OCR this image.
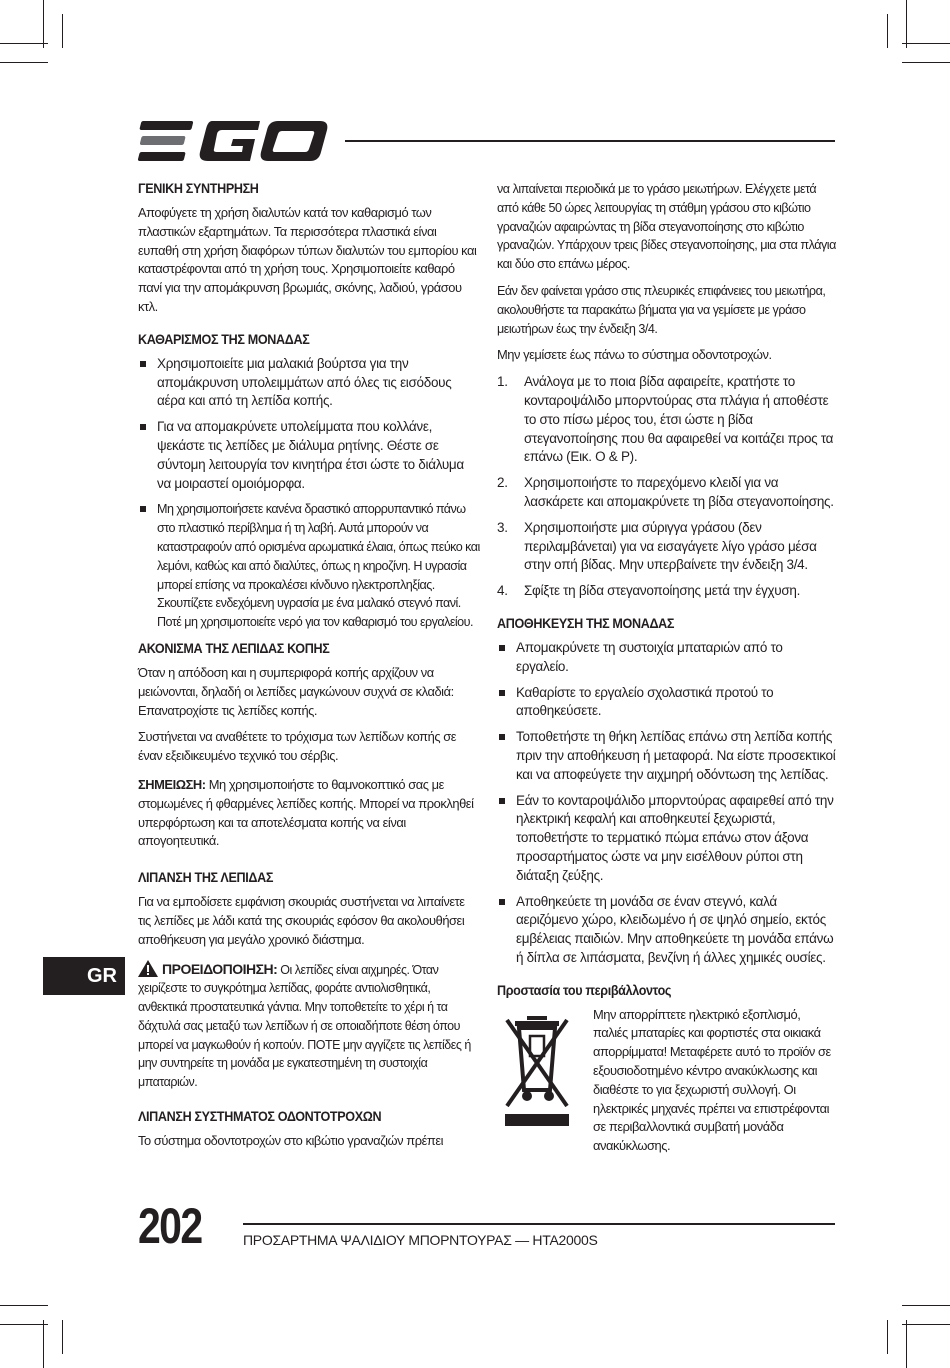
ΓΕΝΙΚΗ ΣΥΝΤΗΡΗΣΗ

Αποφύγετε τη χρήση διαλυτών κατά τον καθαρισμό των πλαστικών εξαρτημάτων. Τα περισσότερα πλαστικά είναι ευπαθή στη χρήση διαφόρων τύπων διαλυτών του εμπορίου και καταστρέφονται από τη χρήση τους. Χρησιμοποιείτε καθαρό πανί για την απομάκρυνση βρωμιάς, σκόνης, λαδιού, γράσου κτλ.

ΚΑΘΑΡΙΣΜΟΣ ΤΗΣ ΜΟΝΑΔΑΣ
Χρησιμοποιείτε μια μαλακιά βούρτσα για την απομάκρυνση υπολειμμάτων από όλες τις εισόδους αέρα και από τη λεπίδα κοπής.
Για να απομακρύνετε υπολείμματα που κολλάνε, ψεκάστε τις λεπίδες με διάλυμα ρητίνης. Θέστε σε σύντομη λειτουργία τον κινητήρα έτσι ώστε το διάλυμα να μοιραστεί ομοιόμορφα.
Μη χρησιμοποιήσετε κανένα δραστικό απορρυπαντικό πάνω στο πλαστικό περίβλημα ή τη λαβή. Αυτά μπορούν να καταστραφούν από ορισμένα αρωματικά έλαια, όπως πεύκο και λεμόνι, καθώς και από διαλύτες, όπως η κηροζίνη. Η υγρασία μπορεί επίσης να προκαλέσει κίνδυνο ηλεκτροπληξίας. Σκουπίζετε ενδεχόμενη υγρασία με ένα μαλακό στεγνό πανί. Ποτέ μη χρησιμοποιείτε νερό για τον καθαρισμό του εργαλείου.
ΑΚΟΝΙΣΜΑ ΤΗΣ ΛΕΠΙΔΑΣ ΚΟΠΗΣ

Όταν η απόδοση και η συμπεριφορά κοπής αρχίζουν να μειώνονται, δηλαδή οι λεπίδες μαγκώνουν συχνά σε κλαδιά: Επανατροχίστε τις λεπίδες κοπής.

Συστήνεται να αναθέτετε το τρόχισμα των λεπίδων κοπής σε έναν εξειδικευμένο τεχνικό του σέρβις.

ΣΗΜΕΙΩΣΗ: Μη χρησιμοποιήστε το θαμνοκοπτικό σας με στομωμένες ή φθαρμένες λεπίδες κοπής. Μπορεί να προκληθεί υπερφόρτωση και τα αποτελέσματα κοπής να είναι απογοητευτικά.

ΛΙΠΑΝΣΗ ΤΗΣ ΛΕΠΙΔΑΣ

Για να εμποδίσετε εμφάνιση σκουριάς συστήνεται να λιπαίνετε τις λεπίδες με λάδι κατά της σκουριάς εφόσον θα ακολουθήσει αποθήκευση για μεγάλο χρονικό διάστημα.

ΠΡΟΕΙΔΟΠΟΙΗΣΗ: Οι λεπίδες είναι αιχμηρές. Όταν χειρίζεστε το συγκρότημα λεπίδας, φοράτε αντιολισθητικά, ανθεκτικά προστατευτικά γάντια. Μην τοποθετείτε το χέρι ή τα δάχτυλά σας μεταξύ των λεπίδων ή σε οποιαδήποτε θέση όπου μπορεί να μαγκωθούν ή κοπούν. ΠΟΤΕ μην αγγίζετε τις λεπίδες ή μην συντηρείτε τη μονάδα με εγκατεστημένη τη συστοιχία μπαταριών.

ΛΙΠΑΝΣΗ ΣΥΣΤΗΜΑΤΟΣ ΟΔΟΝΤΟΤΡΟΧΩΝ

Το σύστημα οδοντοτροχών στο κιβώτιο γραναζιών πρέπει

να λιπαίνεται περιοδικά με το γράσο μειωτήρων. Ελέγχετε μετά από κάθε 50 ώρες λειτουργίας τη στάθμη γράσου στο κιβώτιο γραναζιών αφαιρώντας τη βίδα στεγανοποίησης στο κιβώτιο γραναζιών. Υπάρχουν τρεις βίδες στεγανοποίησης, μια στα πλάγια και δύο στο επάνω μέρος.

Εάν δεν φαίνεται γράσο στις πλευρικές επιφάνειες του μειωτήρα, ακολουθήστε τα παρακάτω βήματα για να γεμίσετε με γράσο μειωτήρων έως την ένδειξη 3/4.

Μην γεμίσετε έως πάνω το σύστημα οδοντοτροχών.

1. Ανάλογα με το ποια βίδα αφαιρείτε, κρατήστε το κονταροψάλιδο μπορντούρας στα πλάγια ή αποθέστε το στο πίσω μέρος του, έτσι ώστε η βίδα στεγανοποίησης που θα αφαιρεθεί να κοιτάζει προς τα επάνω (Εικ. O & P).
2. Χρησιμοποιήστε το παρεχόμενο κλειδί για να λασκάρετε και απομακρύνετε τη βίδα στεγανοποίησης.
3. Χρησιμοποιήστε μια σύριγγα γράσου (δεν περιλαμβάνεται) για να εισαγάγετε λίγο γράσο μέσα στην οπή βίδας. Μην υπερβαίνετε την ένδειξη 3/4.
4. Σφίξτε τη βίδα στεγανοποίησης μετά την έγχυση.
ΑΠΟΘΗΚΕΥΣΗ ΤΗΣ ΜΟΝΑΔΑΣ
Απομακρύνετε τη συστοιχία μπαταριών από το εργαλείο.
Καθαρίστε το εργαλείο σχολαστικά προτού το αποθηκεύσετε.
Τοποθετήστε τη θήκη λεπίδας επάνω στη λεπίδα κοπής πριν την αποθήκευση ή μεταφορά. Να είστε προσεκτικοί και να αποφεύγετε την αιχμηρή οδόντωση της λεπίδας.
Εάν το κονταροψάλιδο μπορντούρας αφαιρεθεί από την ηλεκτρική κεφαλή και αποθηκευτεί ξεχωριστά, τοποθετήστε το τερματικό πώμα επάνω στον άξονα προσαρτήματος ώστε να μην εισέλθουν ρύποι στη διάταξη ζεύξης.
Αποθηκεύετε τη μονάδα σε έναν στεγνό, καλά αεριζόμενο χώρο, κλειδωμένο ή σε ψηλό σημείο, εκτός εμβέλειας παιδιών. Μην αποθηκεύετε τη μονάδα επάνω ή δίπλα σε λιπάσματα, βενζίνη ή άλλες χημικές ουσίες.
Προστασία του περιβάλλοντος

Μην απορρίπτετε ηλεκτρικό εξοπλισμό, παλιές μπαταρίες και φορτιστές στα οικιακά απορρίμματα! Μεταφέρετε αυτό το προϊόν σε εξουσιοδοτημένο κέντρο ανακύκλωσης και διαθέστε το για ξεχωριστή συλλογή. Οι ηλεκτρικές μηχανές πρέπει να επιστρέφονται σε περιβαλλοντικά συμβατή μονάδα ανακύκλωσης.

GR
202	ΠΡΟΣΑΡΤΗΜΑ ΨΑΛΙΔΙΟΥ ΜΠΟΡΝΤΟΥΡΑΣ — HTA2000S
